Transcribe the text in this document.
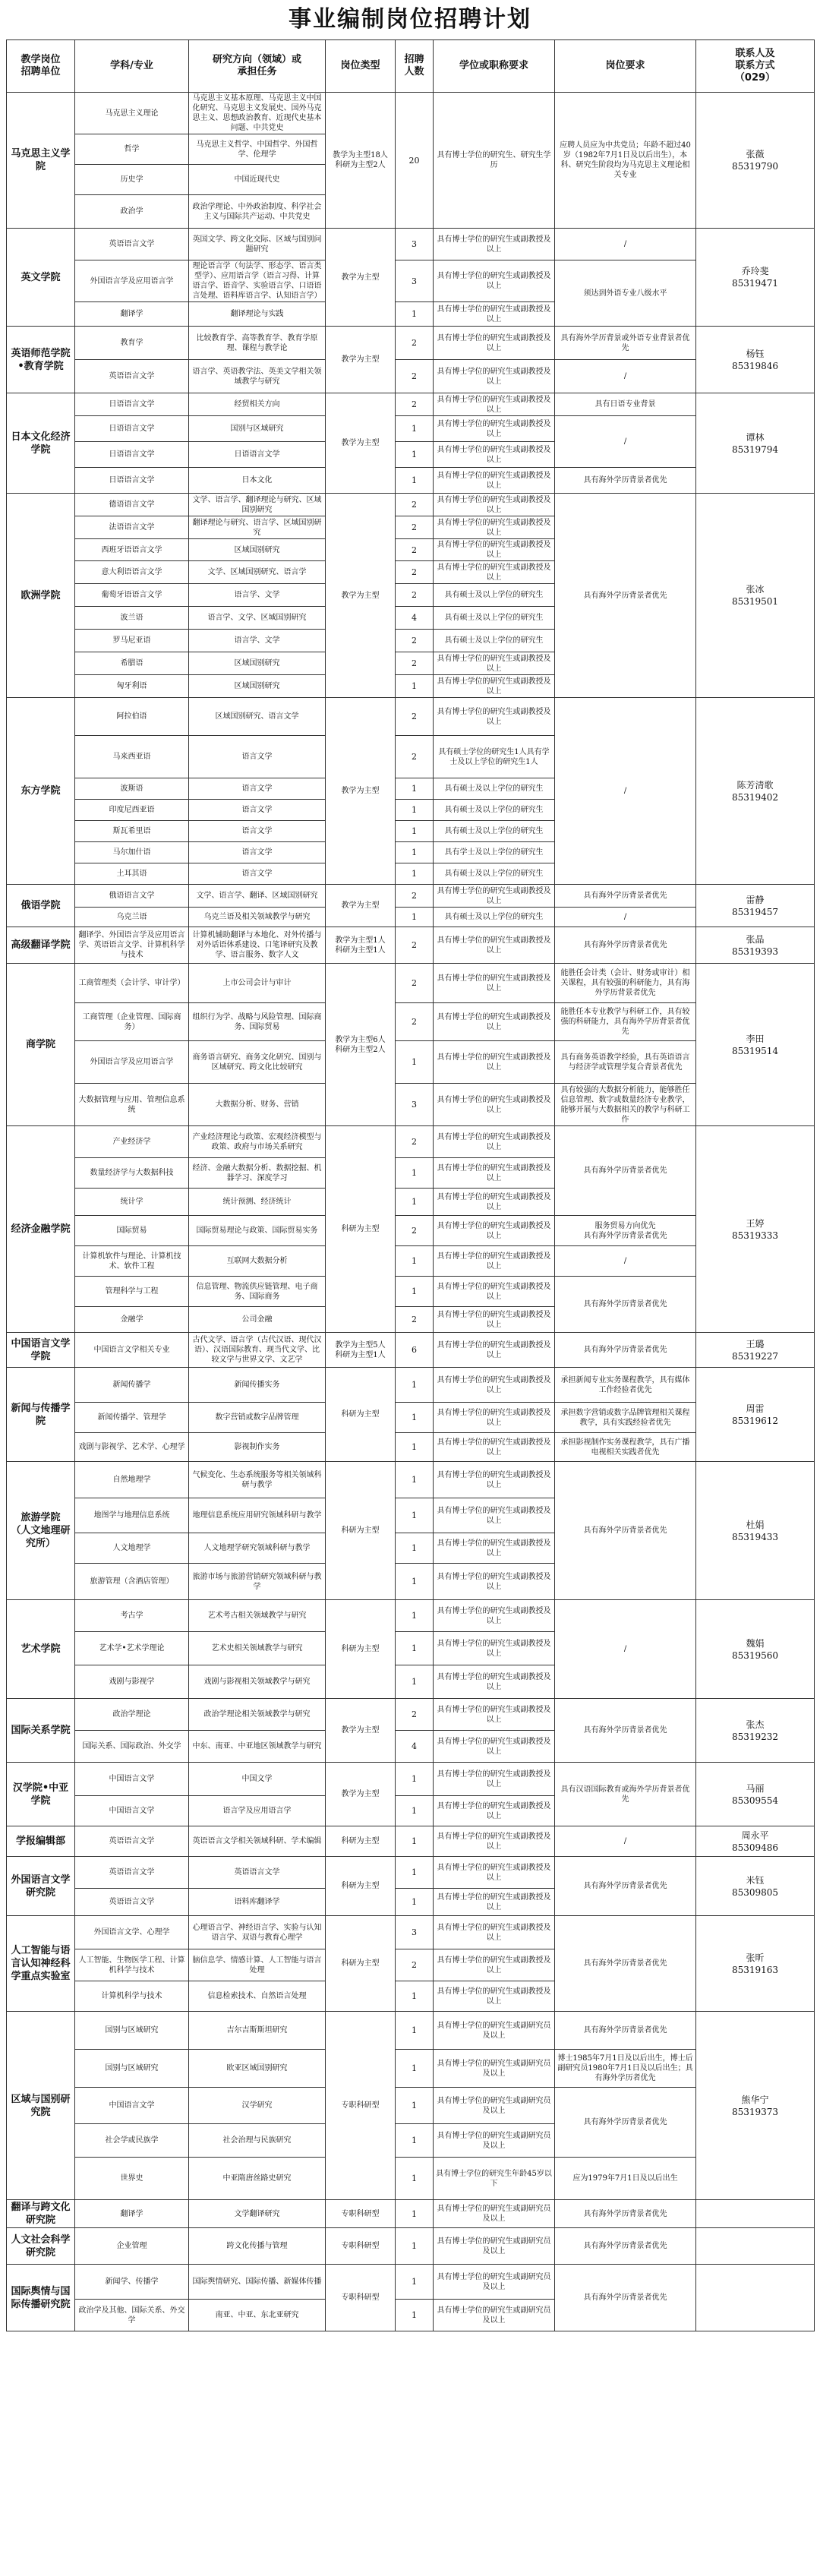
事业编制岗位招聘计划
教学岗位
招聘单位	学科/专业	研究方向（领域）或
承担任务	岗位类型	招聘
人数	学位或职称要求	岗位要求	联系人及
联系方式
（029）
马克思主义学院	马克思主义理论	马克思主义基本原理、马克思主义中国化研究、马克思主义发展史、国外马克思主义、思想政治教育、近现代史基本问题、中共党史	教学为主型18人
科研为主型2人	20	具有博士学位的研究生、研究生学历	应聘人员应为中共党员；年龄不超过40岁（1982年7月1日及以后出生），本科、研究生阶段均为马克思主义理论相关专业	张薇
85319790
	哲学	马克思主义哲学、中国哲学、外国哲学、伦理学					
	历史学	中国近现代史					
	政治学	政治学理论、中外政治制度、科学社会主义与国际共产运动、中共党史					
英文学院	英语语言文学	英国文学、跨文化交际、区域与国别问题研究	教学为主型	3	具有博士学位的研究生或副教授及以上	/	乔玲斐
85319471
	外国语言学及应用语言学	理论语言学（句法学、形态学、语言类型学）、应用语言学（语言习得、计算语言学、语音学、实验语言学、口语语言处理、语料库语言学、认知语言学）		3	具有博士学位的研究生或副教授及以上	须达到外语专业八级水平	
	翻译学	翻译理论与实践		1	具有博士学位的研究生或副教授及以上		
英语师范学院•教育学院	教育学	比较教育学、高等教育学、教育学原理、课程与教学论	教学为主型	2	具有博士学位的研究生或副教授及以上	具有海外学历背景或外语专业背景者优先	杨钰
85319846
	英语语言文学	语言学、英语教学法、英美文学相关领域教学与研究		2	具有博士学位的研究生或副教授及以上	/	
日本文化经济学院	日语语言文学	经贸相关方向	教学为主型	2	具有博士学位的研究生或副教授及以上	具有日语专业背景	谭林
85319794
	日语语言文学	国别与区域研究		1	具有博士学位的研究生或副教授及以上	/	
	日语语言文学	日语语言文学		1	具有博士学位的研究生或副教授及以上		
	日语语言文学	日本文化		1	具有博士学位的研究生或副教授及以上	具有海外学历背景者优先	
欧洲学院	德语语言文学	文学、语言学、翻译理论与研究、区域国别研究	教学为主型	2	具有博士学位的研究生或副教授及以上	具有海外学历背景者优先	张冰
85319501
	法语语言文学	翻译理论与研究、语言学、区域国别研究		2	具有博士学位的研究生或副教授及以上		
	西班牙语语言文学	区域国别研究		2	具有博士学位的研究生或副教授及以上		
	意大利语语言文学	文学、区域国别研究、语言学		2	具有博士学位的研究生或副教授及以上		
	葡萄牙语语言文学	语言学、文学		2	具有硕士及以上学位的研究生		
	波兰语	语言学、文学、区域国别研究		4	具有硕士及以上学位的研究生		
	罗马尼亚语	语言学、文学		2	具有硕士及以上学位的研究生		
	希腊语	区域国别研究		2	具有博士学位的研究生或副教授及以上		
	匈牙利语	区域国别研究		1	具有博士学位的研究生或副教授及以上		
东方学院	阿拉伯语	区域国别研究、语言文学	教学为主型	2	具有博士学位的研究生或副教授及以上	/	陈芳清歌
85319402
	马来西亚语	语言文学		2	具有硕士学位的研究生1人具有学士及以上学位的研究生1人		
	波斯语	语言文学		1	具有硕士及以上学位的研究生		
	印度尼西亚语	语言文学		1	具有硕士及以上学位的研究生		
	斯瓦希里语	语言文学		1	具有硕士及以上学位的研究生		
	马尔加什语	语言文学		1	具有学士及以上学位的研究生		
	土耳其语	语言文学		1	具有硕士及以上学位的研究生		
俄语学院	俄语语言文学	文学、语言学、翻译、区域国别研究	教学为主型	2	具有博士学位的研究生或副教授及以上	具有海外学历背景者优先	雷静
85319457
	乌克兰语	乌克兰语及相关领域教学与研究		1	具有硕士及以上学位的研究生	/	
高级翻译学院	翻译学、外国语言学及应用语言学、英语语言文学、计算机科学与技术	计算机辅助翻译与本地化、对外传播与对外话语体系建设、口笔译研究及教学、语言服务、数字人文	教学为主型1人
科研为主型1人	2	具有博士学位的研究生或副教授及以上	具有海外学历背景者优先	张晶
85319393
商学院	工商管理类（会计学、审计学）	上市公司会计与审计	教学为主型6人
科研为主型2人	2	具有博士学位的研究生或副教授及以上	能胜任会计类（会计、财务或审计）相关课程，具有较强的科研能力，具有海外学历背景者优先	李田
85319514
	工商管理（企业管理、国际商务）	组织行为学、战略与风险管理、国际商务、国际贸易		2	具有博士学位的研究生或副教授及以上	能胜任本专业教学与科研工作，具有较强的科研能力，具有海外学历背景者优先	
	外国语言学及应用语言学	商务语言研究、商务文化研究、国别与区域研究、跨文化比较研究		1	具有博士学位的研究生或副教授及以上	具有商务英语教学经验，具有英语语言与经济学或管理学复合背景者优先	
	大数据管理与应用、管理信息系统	大数据分析、财务、营销		3	具有博士学位的研究生或副教授及以上	具有较强的大数据分析能力，能够胜任信息管理、数字或数量经济专业教学，能够开展与大数据相关的教学与科研工作	
经济金融学院	产业经济学	产业经济理论与政策、宏观经济模型与政策、政府与市场关系研究	科研为主型	2	具有博士学位的研究生或副教授及以上	具有海外学历背景者优先	王婷
85319333
	数量经济学与大数据科技	经济、金融大数据分析、数据挖掘、机器学习、深度学习		1	具有博士学位的研究生或副教授及以上		
	统计学	统计预测、经济统计		1	具有博士学位的研究生或副教授及以上		
	国际贸易	国际贸易理论与政策、国际贸易实务		2	具有博士学位的研究生或副教授及以上	服务贸易方向优先
具有海外学历背景者优先	
	计算机软件与理论、计算机技术、软件工程	互联网大数据分析		1	具有博士学位的研究生或副教授及以上	/	
	管理科学与工程	信息管理、物流供应链管理、电子商务、国际商务		1	具有博士学位的研究生或副教授及以上	具有海外学历背景者优先	
	金融学	公司金融		2	具有博士学位的研究生或副教授及以上		
中国语言文学学院	中国语言文学相关专业	古代文学、语言学（古代汉语、现代汉语）、汉语国际教育、现当代文学、比较文学与世界文学、文艺学	教学为主型5人
科研为主型1人	6	具有博士学位的研究生或副教授及以上	具有海外学历背景者优先	王璐
85319227
新闻与传播学院	新闻传播学	新闻传播实务	科研为主型	1	具有博士学位的研究生或副教授及以上	承担新闻专业实务课程教学，具有媒体工作经验者优先	周雷
85319612
	新闻传播学、管理学	数字营销或数字品牌管理		1	具有博士学位的研究生或副教授及以上	承担数字营销或数字品牌管理相关课程教学，具有实践经验者优先	
	戏剧与影视学、艺术学、心理学	影视制作实务		1	具有博士学位的研究生或副教授及以上	承担影视制作实务课程教学，具有广播电视相关实践者优先	
旅游学院
（人文地理研究所）	自然地理学	气候变化、生态系统服务等相关领域科研与教学	科研为主型	1	具有博士学位的研究生或副教授及以上	具有海外学历背景者优先	杜娟
85319433
	地图学与地理信息系统	地理信息系统应用研究领域科研与教学		1	具有博士学位的研究生或副教授及以上		
	人文地理学	人文地理学研究领域科研与教学		1	具有博士学位的研究生或副教授及以上		
	旅游管理（含酒店管理）	旅游市场与旅游营销研究领域科研与教学		1	具有博士学位的研究生或副教授及以上		
艺术学院	考古学	艺术考古相关领域教学与研究	科研为主型	1	具有博士学位的研究生或副教授及以上	/	魏娟
85319560
	艺术学•艺术学理论	艺术史相关领域教学与研究		1	具有博士学位的研究生或副教授及以上		
	戏剧与影视学	戏剧与影视相关领域教学与研究		1	具有博士学位的研究生或副教授及以上		
国际关系学院	政治学理论	政治学理论相关领域教学与研究	教学为主型	2	具有博士学位的研究生或副教授及以上	具有海外学历背景者优先	张杰
85319232
	国际关系、国际政治、外交学	中东、南亚、中亚地区领域教学与研究		4	具有博士学位的研究生或副教授及以上		
汉学院•中亚学院	中国语言文学	中国文学	教学为主型	1	具有博士学位的研究生或副教授及以上	具有汉语国际教育或海外学历背景者优先	马丽
85309554
	中国语言文学	语言学及应用语言学		1	具有博士学位的研究生或副教授及以上		
学报编辑部	英语语言文学	英语语言文学相关领域科研、学术编辑	科研为主型	1	具有博士学位的研究生或副教授及以上	/	周永平
85309486
外国语言文学研究院	英语语言文学	英语语言文学	科研为主型	1	具有博士学位的研究生或副教授及以上	具有海外学历背景者优先	米钰
85309805
	英语语言文学	语料库翻译学		1	具有博士学位的研究生或副教授及以上		
人工智能与语言认知神经科学重点实验室	外国语言文学、心理学	心理语言学、神经语言学、实验与认知语言学、双语与教育心理学	科研为主型	3	具有博士学位的研究生或副教授及以上	具有海外学历背景者优先	张昕
85319163
	人工智能、生物医学工程、计算机科学与技术	脑信息学、情感计算、人工智能与语言处理		2	具有博士学位的研究生或副教授及以上		
	计算机科学与技术	信息检索技术、自然语言处理		1	具有博士学位的研究生或副教授及以上		
区域与国别研究院	国别与区域研究	吉尔吉斯斯坦研究	专职科研型	1	具有博士学位的研究生或副研究员及以上	具有海外学历背景者优先	熊华宁
85319373
	国别与区域研究	欧亚区域国别研究		1	具有博士学位的研究生或副研究员及以上	博士1985年7月1日及以后出生，博士后副研究员1980年7月1日及以后出生；具有海外学历者优先	
	中国语言文学	汉学研究		1	具有博士学位的研究生或副研究员及以上	具有海外学历背景者优先	
	社会学或民族学	社会治理与民族研究		1	具有博士学位的研究生或副研究员及以上		
	世界史	中亚隋唐丝路史研究		1	具有博士学位的研究生年龄45岁以下	应为1979年7月1日及以后出生	
翻译与跨文化研究院	翻译学	文学翻译研究	专职科研型	1	具有博士学位的研究生或副研究员及以上	具有海外学历背景者优先	
人文社会科学研究院	企业管理	跨文化传播与管理	专职科研型	1	具有博士学位的研究生或副研究员及以上	具有海外学历背景者优先	
国际舆情与国际传播研究院	新闻学、传播学	国际舆情研究、国际传播、新媒体传播	专职科研型	1	具有博士学位的研究生或副研究员及以上	具有海外学历背景者优先	
	政治学及其他、国际关系、外交学	南亚、中亚、东北亚研究		1	具有博士学位的研究生或副研究员及以上		
